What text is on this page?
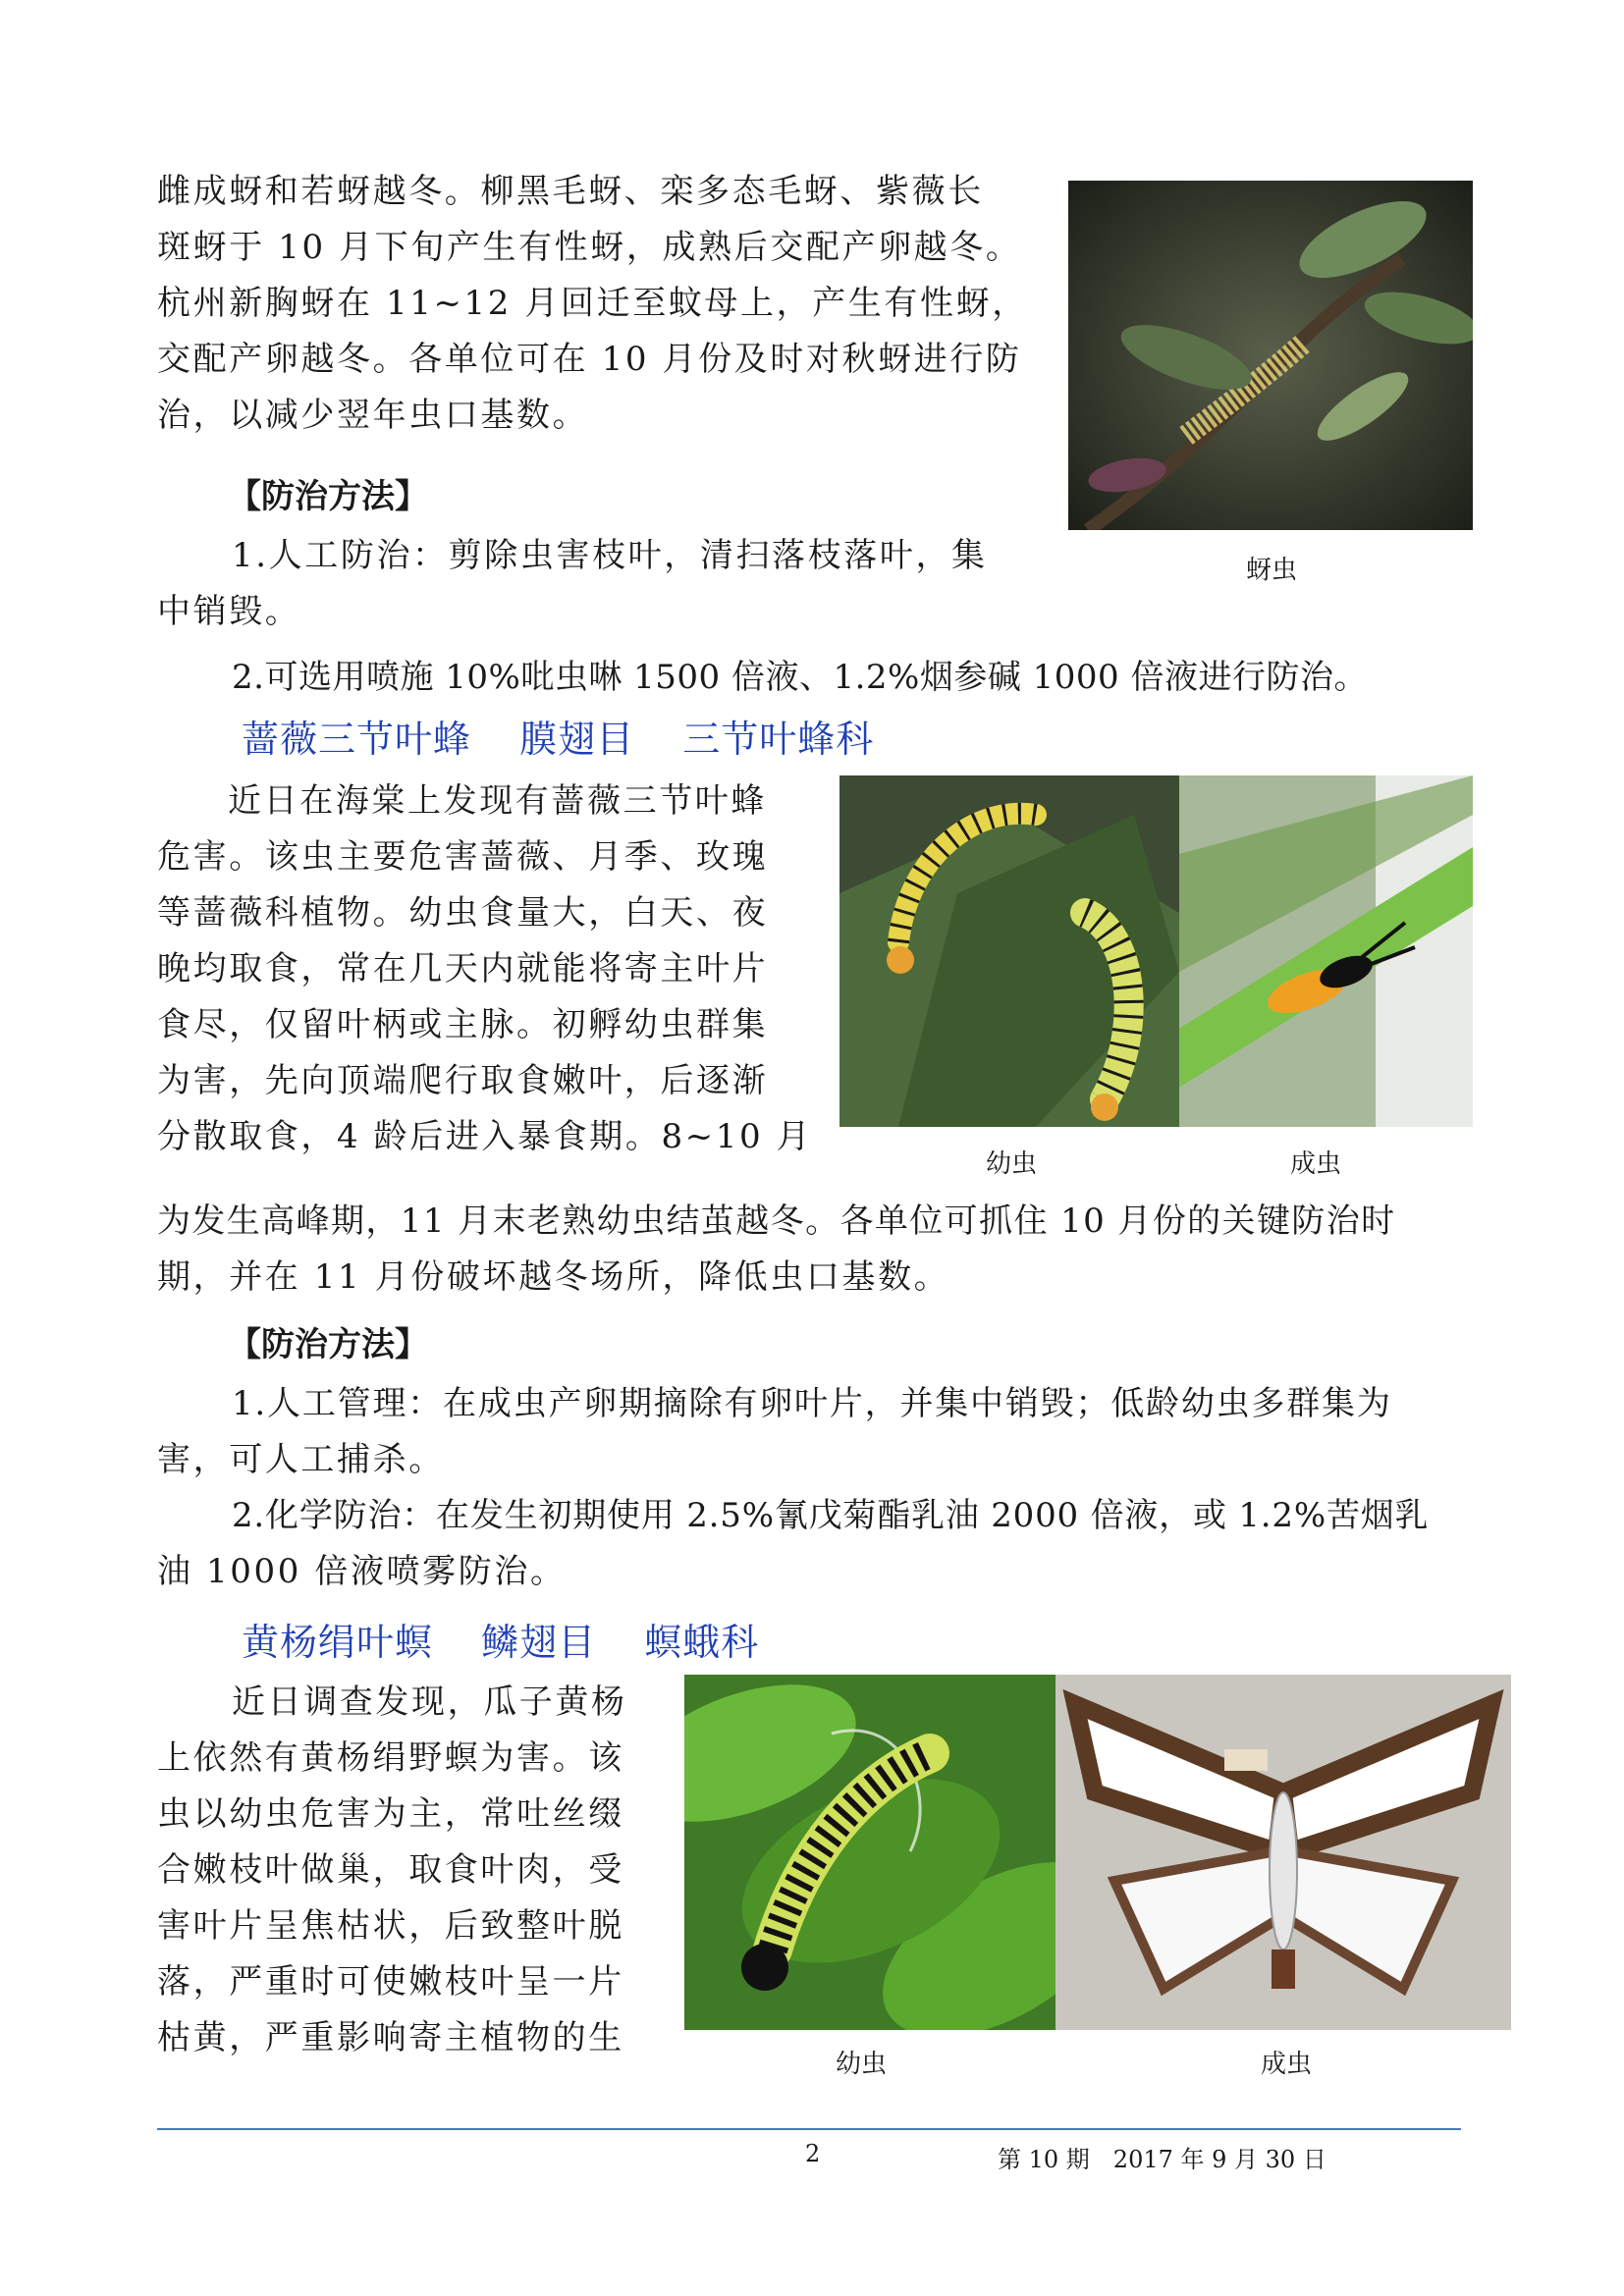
雌成蚜和若蚜越冬。柳黑毛蚜、栾多态毛蚜、紫薇长
斑蚜于 10 月下旬产生有性蚜，成熟后交配产卵越冬。
杭州新胸蚜在 11~12 月回迁至蚊母上，产生有性蚜，
交配产卵越冬。各单位可在 10 月份及时对秋蚜进行防
治，以减少翌年虫口基数。
蚜虫
【防治方法】
1.人工防治：剪除虫害枝叶，清扫落枝落叶，集
中销毁。
2.可选用喷施 10%吡虫啉 1500 倍液、1.2%烟参碱 1000 倍液进行防治。
蔷薇三节叶蜂 膜翅目 三节叶蜂科
近日在海棠上发现有蔷薇三节叶蜂
危害。该虫主要危害蔷薇、月季、玫瑰
等蔷薇科植物。幼虫食量大，白天、夜
晚均取食，常在几天内就能将寄主叶片
食尽，仅留叶柄或主脉。初孵幼虫群集
为害，先向顶端爬行取食嫩叶，后逐渐
分散取食，4 龄后进入暴食期。8~10 月
为发生高峰期，11 月末老熟幼虫结茧越冬。各单位可抓住 10 月份的关键防治时
期，并在 11 月份破坏越冬场所，降低虫口基数。
幼虫	成虫
【防治方法】
1.人工管理：在成虫产卵期摘除有卵叶片，并集中销毁；低龄幼虫多群集为
害，可人工捕杀。
2.化学防治：在发生初期使用 2.5%氰戊菊酯乳油 2000 倍液，或 1.2%苦烟乳
油 1000 倍液喷雾防治。
黄杨绢叶螟 鳞翅目 螟蛾科
近日调查发现，瓜子黄杨
上依然有黄杨绢野螟为害。该
虫以幼虫危害为主，常吐丝缀
合嫩枝叶做巢，取食叶肉，受
害叶片呈焦枯状，后致整叶脱
落，严重时可使嫩枝叶呈一片
枯黄，严重影响寄主植物的生
幼虫	成虫
2	第 10 期　2017 年 9 月 30 日
